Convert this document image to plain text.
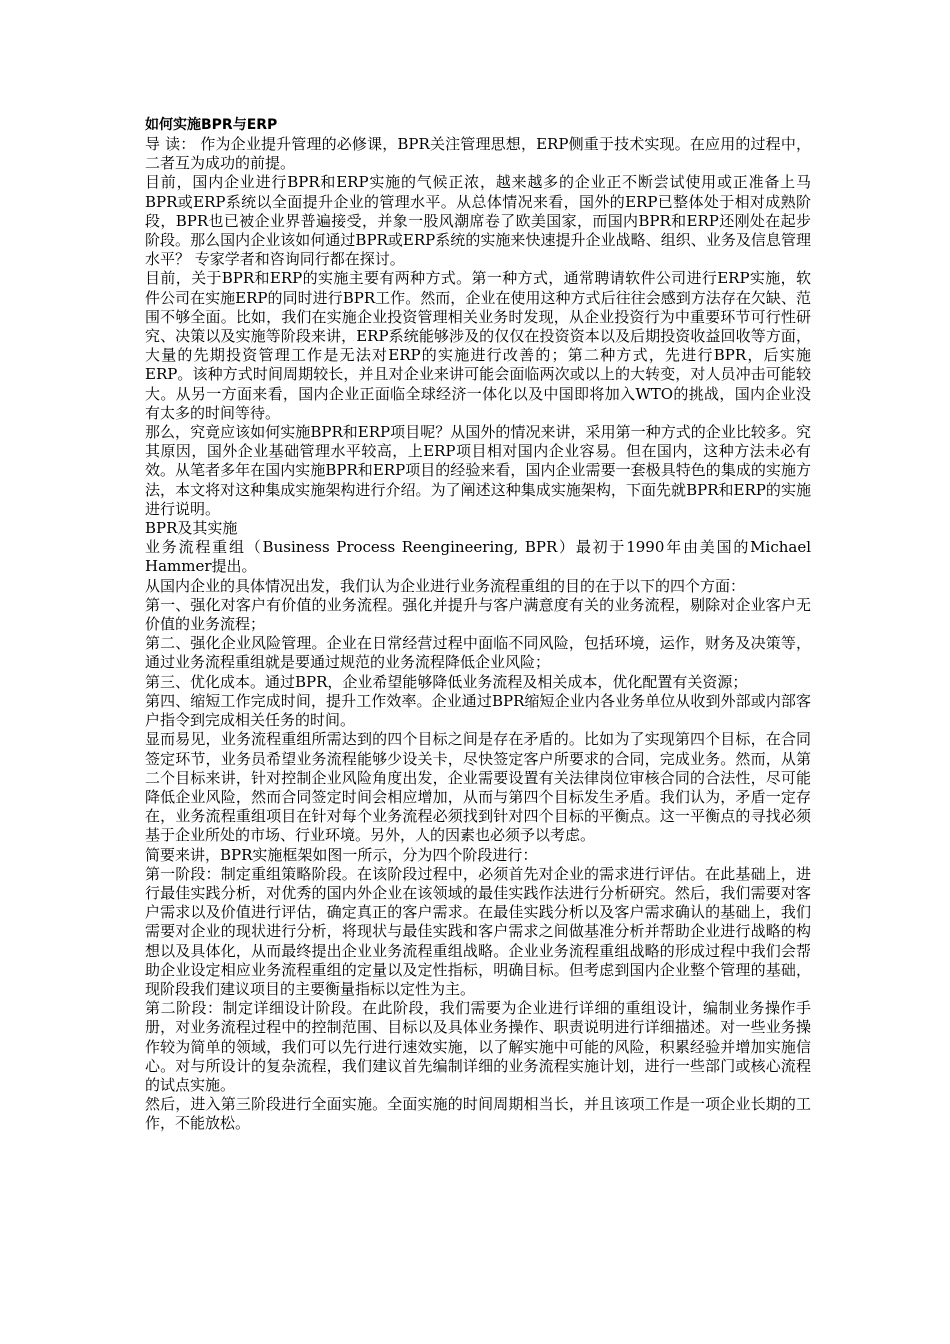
如何实施BPR与ERP

导 读： 作为企业提升管理的必修课，BPR关注管理思想，ERP侧重于技术实现。在应用的过程中，二者互为成功的前提。

目前，国内企业进行BPR和ERP实施的气候正浓，越来越多的企业正不断尝试使用或正准备上马BPR或ERP系统以全面提升企业的管理水平。从总体情况来看，国外的ERP已整体处于相对成熟阶段，BPR也已被企业界普遍接受，并象一股风潮席卷了欧美国家，而国内BPR和ERP还刚处在起步阶段。那么国内企业该如何通过BPR或ERP系统的实施来快速提升企业战略、组织、业务及信息管理水平？ 专家学者和咨询同行都在探讨。

目前，关于BPR和ERP的实施主要有两种方式。第一种方式，通常聘请软件公司进行ERP实施，软件公司在实施ERP的同时进行BPR工作。然而，企业在使用这种方式后往往会感到方法存在欠缺、范围不够全面。比如，我们在实施企业投资管理相关业务时发现，从企业投资行为中重要环节可行性研究、决策以及实施等阶段来讲，ERP系统能够涉及的仅仅在投资资本以及后期投资收益回收等方面，大量的先期投资管理工作是无法对ERP的实施进行改善的；第二种方式，先进行BPR，后实施ERP。该种方式时间周期较长，并且对企业来讲可能会面临两次或以上的大转变，对人员冲击可能较大。从另一方面来看，国内企业正面临全球经济一体化以及中国即将加入WTO的挑战，国内企业没有太多的时间等待。

那么，究竟应该如何实施BPR和ERP项目呢？从国外的情况来讲，采用第一种方式的企业比较多。究其原因，国外企业基础管理水平较高，上ERP项目相对国内企业容易。但在国内，这种方法未必有效。从笔者多年在国内实施BPR和ERP项目的经验来看，国内企业需要一套极具特色的集成的实施方法，本文将对这种集成实施架构进行介绍。为了阐述这种集成实施架构，下面先就BPR和ERP的实施进行说明。

BPR及其实施

业务流程重组（Business Process Reengineering, BPR）最初于1990年由美国的Michael Hammer提出。

从国内企业的具体情况出发，我们认为企业进行业务流程重组的目的在于以下的四个方面：

第一、强化对客户有价值的业务流程。强化并提升与客户满意度有关的业务流程，剔除对企业客户无价值的业务流程；

第二、强化企业风险管理。企业在日常经营过程中面临不同风险，包括环境，运作，财务及决策等，通过业务流程重组就是要通过规范的业务流程降低企业风险；

第三、优化成本。通过BPR，企业希望能够降低业务流程及相关成本，优化配置有关资源；

第四、缩短工作完成时间，提升工作效率。企业通过BPR缩短企业内各业务单位从收到外部或内部客户指令到完成相关任务的时间。

显而易见，业务流程重组所需达到的四个目标之间是存在矛盾的。比如为了实现第四个目标，在合同签定环节，业务员希望业务流程能够少设关卡，尽快签定客户所要求的合同，完成业务。然而，从第二个目标来讲，针对控制企业风险角度出发，企业需要设置有关法律岗位审核合同的合法性，尽可能降低企业风险，然而合同签定时间会相应增加，从而与第四个目标发生矛盾。我们认为，矛盾一定存在，业务流程重组项目在针对每个业务流程必须找到针对四个目标的平衡点。这一平衡点的寻找必须基于企业所处的市场、行业环境。另外，人的因素也必须予以考虑。

简要来讲，BPR实施框架如图一所示，分为四个阶段进行：

第一阶段：制定重组策略阶段。在该阶段过程中，必须首先对企业的需求进行评估。在此基础上，进行最佳实践分析，对优秀的国内外企业在该领域的最佳实践作法进行分析研究。然后，我们需要对客户需求以及价值进行评估，确定真正的客户需求。在最佳实践分析以及客户需求确认的基础上，我们需要对企业的现状进行分析，将现状与最佳实践和客户需求之间做基准分析并帮助企业进行战略的构想以及具体化，从而最终提出企业业务流程重组战略。企业业务流程重组战略的形成过程中我们会帮助企业设定相应业务流程重组的定量以及定性指标，明确目标。但考虑到国内企业整个管理的基础，现阶段我们建议项目的主要衡量指标以定性为主。

第二阶段：制定详细设计阶段。在此阶段，我们需要为企业进行详细的重组设计，编制业务操作手册，对业务流程过程中的控制范围、目标以及具体业务操作、职责说明进行详细描述。对一些业务操作较为简单的领域，我们可以先行进行速效实施，以了解实施中可能的风险，积累经验并增加实施信心。对与所设计的复杂流程，我们建议首先编制详细的业务流程实施计划，进行一些部门或核心流程的试点实施。

然后，进入第三阶段进行全面实施。全面实施的时间周期相当长，并且该项工作是一项企业长期的工作，不能放松。
